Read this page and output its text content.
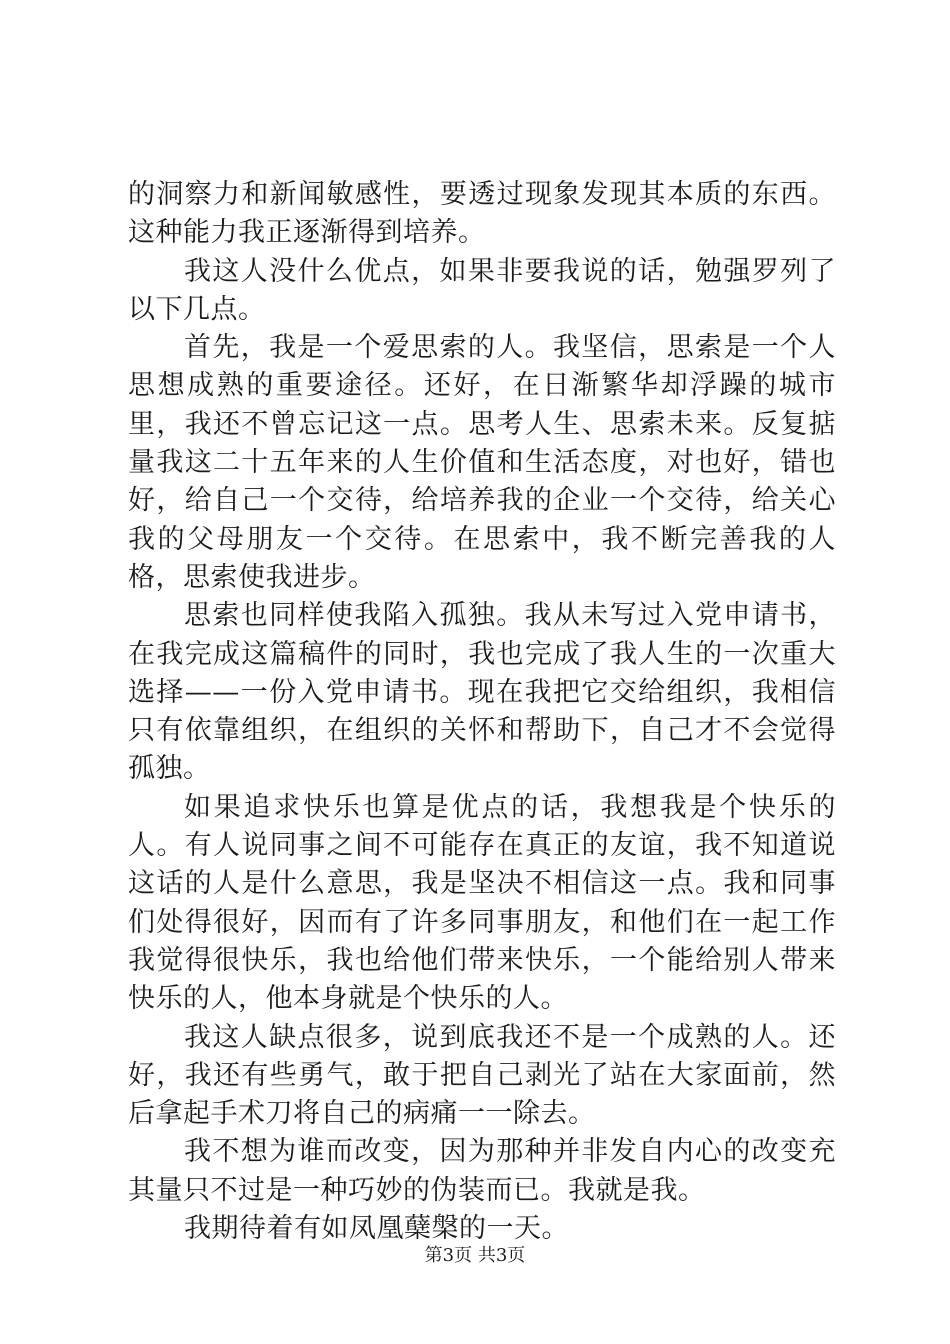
的洞察力和新闻敏感性，要透过现象发现其本质的东西。这种能力我正逐渐得到培养。

我这人没什么优点，如果非要我说的话，勉强罗列了以下几点。

首先，我是一个爱思索的人。我坚信，思索是一个人思想成熟的重要途径。还好，在日渐繁华却浮躁的城市里，我还不曾忘记这一点。思考人生、思索未来。反复掂量我这二十五年来的人生价值和生活态度，对也好，错也好，给自己一个交待，给培养我的企业一个交待，给关心我的父母朋友一个交待。在思索中，我不断完善我的人格，思索使我进步。

思索也同样使我陷入孤独。我从未写过入党申请书，在我完成这篇稿件的同时，我也完成了我人生的一次重大选择——一份入党申请书。现在我把它交给组织，我相信只有依靠组织，在组织的关怀和帮助下，自己才不会觉得孤独。

如果追求快乐也算是优点的话，我想我是个快乐的人。有人说同事之间不可能存在真正的友谊，我不知道说这话的人是什么意思，我是坚决不相信这一点。我和同事们处得很好，因而有了许多同事朋友，和他们在一起工作我觉得很快乐，我也给他们带来快乐，一个能给别人带来快乐的人，他本身就是个快乐的人。

我这人缺点很多，说到底我还不是一个成熟的人。还好，我还有些勇气，敢于把自己剥光了站在大家面前，然后拿起手术刀将自己的病痛一一除去。

我不想为谁而改变，因为那种并非发自内心的改变充其量只不过是一种巧妙的伪装而已。我就是我。

我期待着有如凤凰蘖槃的一天。

第3页 共3页
